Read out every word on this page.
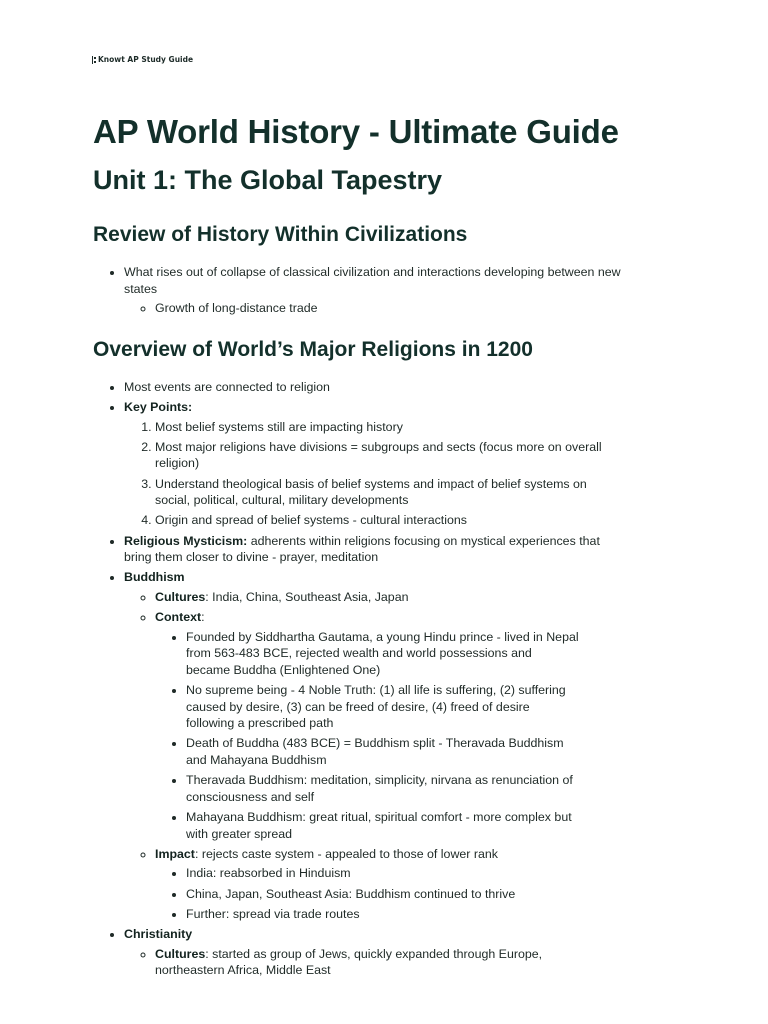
Knowt AP Study Guide
AP World History - Ultimate Guide
Unit 1: The Global Tapestry
Review of History Within Civilizations
• What rises out of collapse of classical civilization and interactions developing between new states
◦ Growth of long-distance trade
Overview of World’s Major Religions in 1200
• Most events are connected to religion
• Key Points:
1. Most belief systems still are impacting history
2. Most major religions have divisions = subgroups and sects (focus more on overall religion)
3. Understand theological basis of belief systems and impact of belief systems on social, political, cultural, military developments
4. Origin and spread of belief systems - cultural interactions
• Religious Mysticism: adherents within religions focusing on mystical experiences that bring them closer to divine - prayer, meditation
• Buddhism
◦ Cultures: India, China, Southeast Asia, Japan
◦ Context:
• Founded by Siddhartha Gautama, a young Hindu prince - lived in Nepal from 563-483 BCE, rejected wealth and world possessions and became Buddha (Enlightened One)
• No supreme being - 4 Noble Truth: (1) all life is suffering, (2) suffering caused by desire, (3) can be freed of desire, (4) freed of desire following a prescribed path
• Death of Buddha (483 BCE) = Buddhism split - Theravada Buddhism and Mahayana Buddhism
• Theravada Buddhism: meditation, simplicity, nirvana as renunciation of consciousness and self
• Mahayana Buddhism: great ritual, spiritual comfort - more complex but with greater spread
◦ Impact: rejects caste system - appealed to those of lower rank
• India: reabsorbed in Hinduism
• China, Japan, Southeast Asia: Buddhism continued to thrive
• Further: spread via trade routes
• Christianity
◦ Cultures: started as group of Jews, quickly expanded through Europe, northeastern Africa, Middle East
